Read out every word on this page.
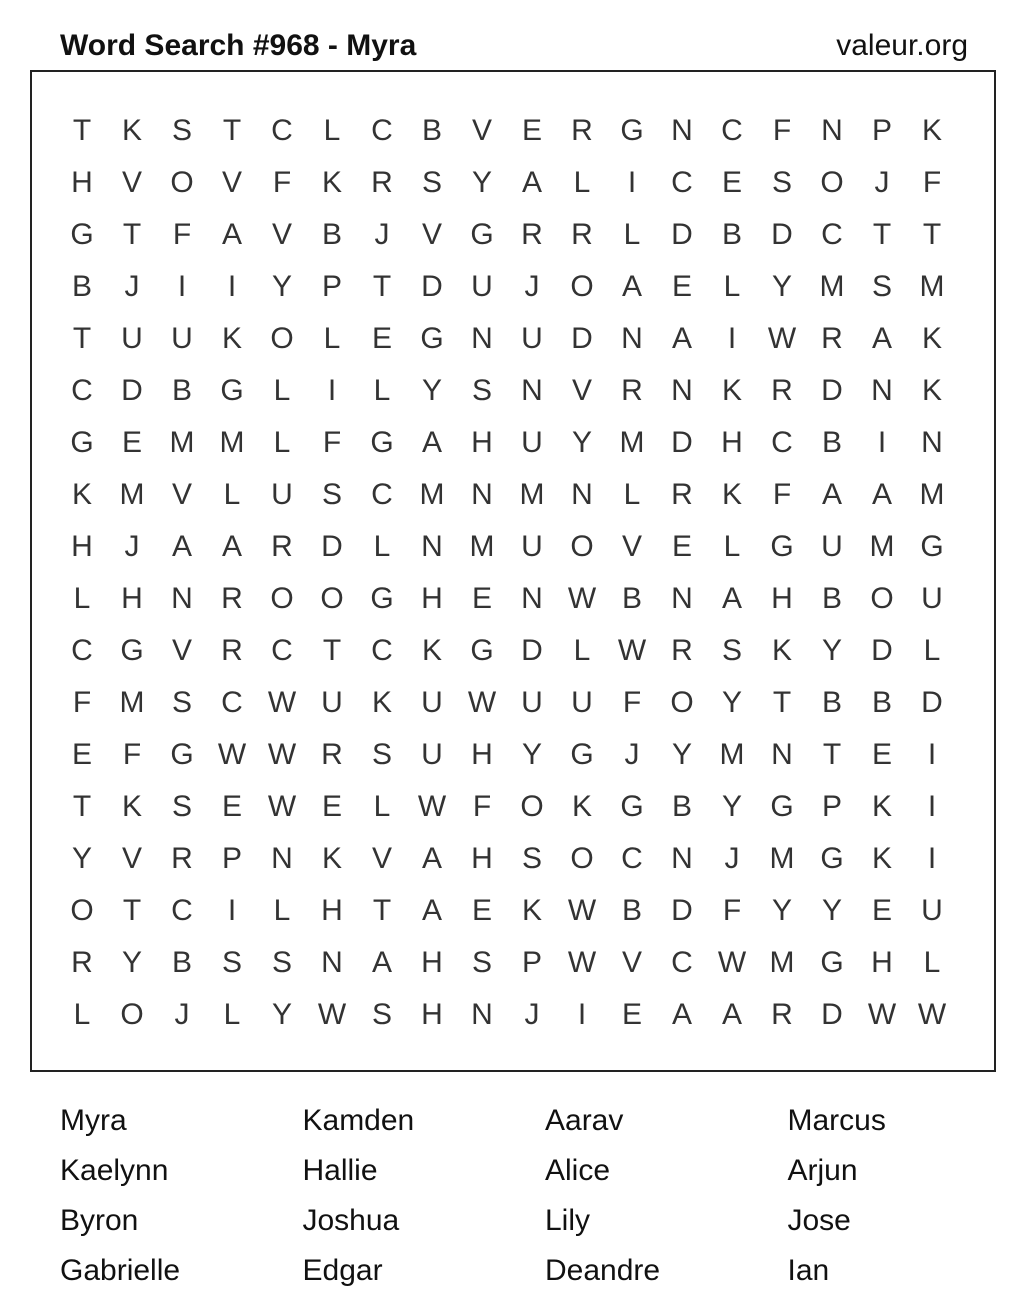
Word Search #968 - Myra	valeur.org
T	K S	T	C	L	C B V E R G N C	F	N P K
H V O V	F	K R S Y A	L	I	C E S O	J	F
G T	F	A V B	J	V G R R	L	D B D C	T	T
B	J	I	I	Y P	T	D U	J	O A E	L	Y M S M
T	U U K O L	E G N U D N A	I	W R A K
C D B G L	I	L	Y S N V R N K R D N K
G E M M L	F G A H U Y M D H C B	I	N
K M V	L	U S C M N M N	L	R K	F	A A M
H	J	A A R D	L	N M U O V E	L G U M G
L	H N R O O G H E N W B N A H B O U
C G V R C	T	C K G D	L W R S K Y D	L
F M S C W U K U W U U	F O Y	T	B B D
E	F G W W R S U H Y G	J	Y M N	T	E	I
T	K S E W E	L W F O K G B Y G P K	I
Y V R P N K V A H S O C N	J	M G K	I
O T	C	I	L	H	T	A E K W B D	F	Y Y E U
R Y B S S N A H S P W V C W M G H	L
L O	J	L	Y W S H N	J	I	E A A R D W W
Myra	Kamden	Aarav	Marcus
Kaelynn	Hallie	Alice	Arjun
Byron	Joshua	Lily	Jose
Gabrielle	Edgar	Deandre	Ian
